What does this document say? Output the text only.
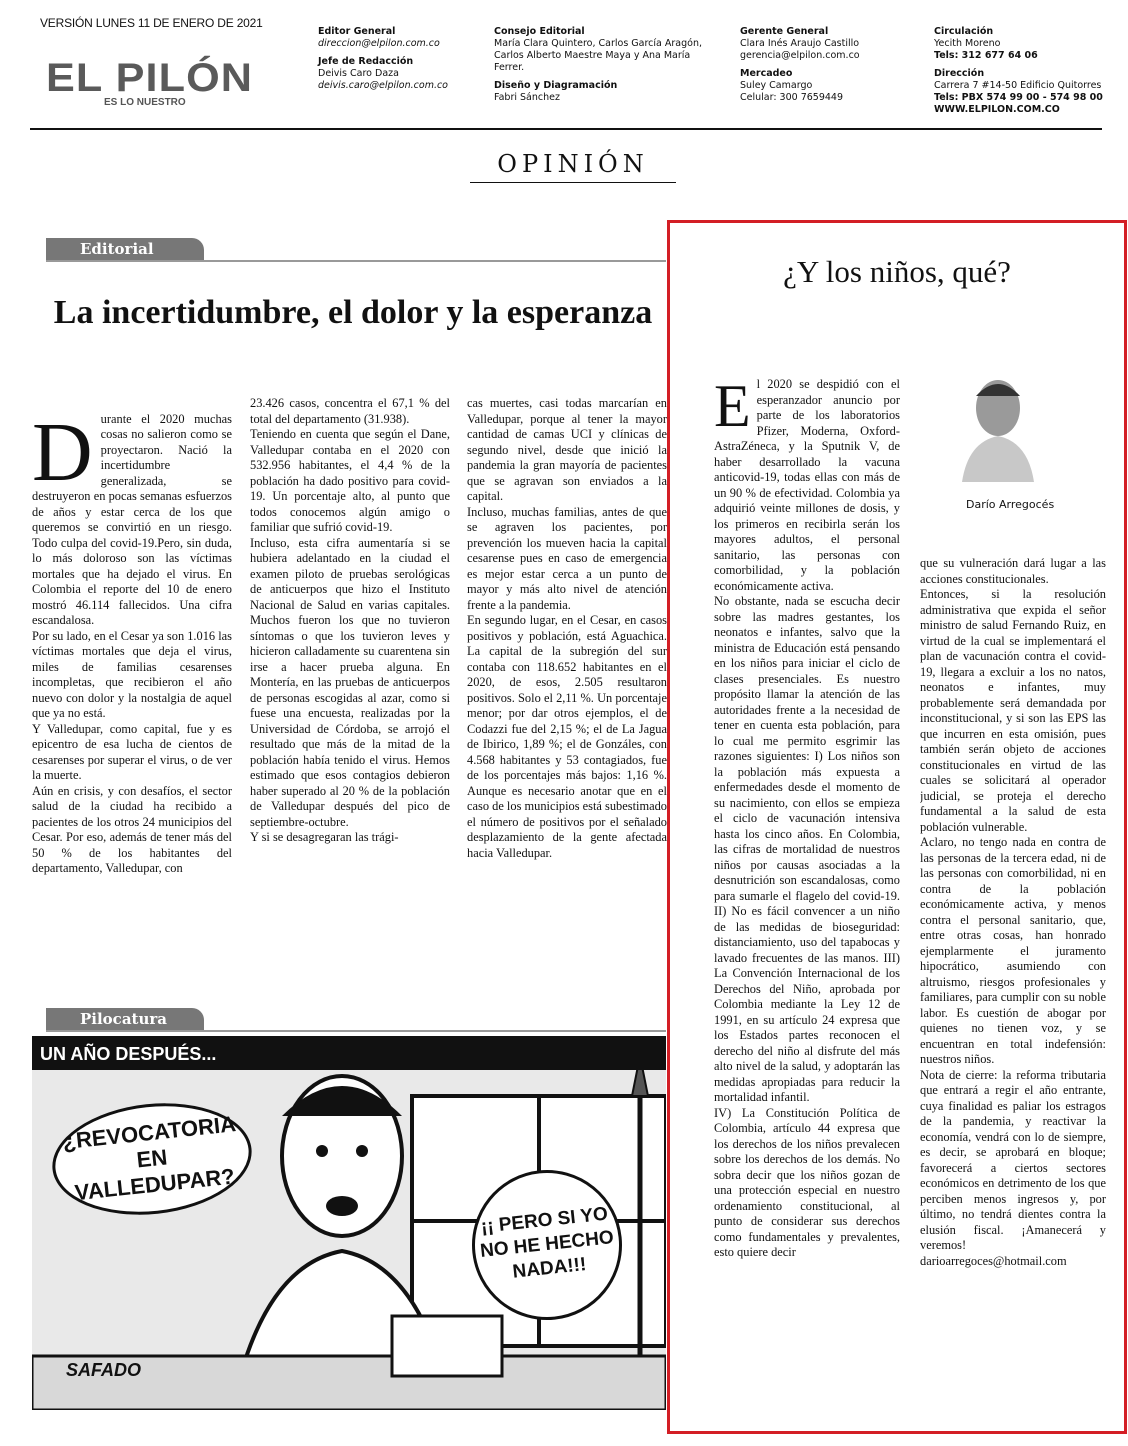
VERSIÓN LUNES 11 DE ENERO DE 2021
EL PILÓN
ES LO NUESTRO
Editor General
direccion@elpilon.com.co
Jefe de Redacción
Deivis Caro Daza
deivis.caro@elpilon.com.co
Consejo Editorial
María Clara Quintero, Carlos García Aragón,
Carlos Alberto Maestre Maya y Ana María
Ferrer.
Diseño y Diagramación
Fabri Sánchez
Gerente General
Clara Inés Araujo Castillo
gerencia@elpilon.com.co
Mercadeo
Suley Camargo
Celular: 300 7659449
Circulación
Yecith Moreno
Tels: 312 677 64 06
Dirección
Carrera 7 #14-50 Edificio Quitorres
Tels: PBX 574 99 00 - 574 98 00
WWW.ELPILON.COM.CO
OPINIÓN
Editorial
La incertidumbre, el dolor y la esperanza

Durante el 2020 muchas cosas no salieron como se proyectaron. Nació la incertidumbre generalizada, se destruyeron en pocas semanas esfuerzos de años y estar cerca de los que queremos se convirtió en un riesgo. Todo culpa del covid-19.Pero, sin duda, lo más doloroso son las víctimas mortales que ha dejado el virus. En Colombia el reporte del 10 de enero mostró 46.114 fallecidos. Una cifra escandalosa.
Por su lado, en el Cesar ya son 1.016 las víctimas mortales que deja el virus, miles de familias cesarenses incompletas, que recibieron el año nuevo con dolor y la nostalgia de aquel que ya no está.
Y Valledupar, como capital, fue y es epicentro de esa lucha de cientos de cesarenses por superar el virus, o de ver la muerte.
Aún en crisis, y con desafíos, el sector salud de la ciudad ha recibido a pacientes de los otros 24 municipios del Cesar. Por eso, además de tener más del 50 % de los habitantes del departamento, Valledupar, con

23.426 casos, concentra el 67,1 % del total del departamento (31.938).
Teniendo en cuenta que según el Dane, Valledupar contaba en el 2020 con 532.956 habitantes, el 4,4 % de la población ha dado positivo para covid-19. Un porcentaje alto, al punto que todos conocemos algún amigo o familiar que sufrió covid-19.
Incluso, esta cifra aumentaría si se hubiera adelantado en la ciudad el examen piloto de pruebas serológicas de anticuerpos que hizo el Instituto Nacional de Salud en varias capitales. Muchos fueron los que no tuvieron síntomas o que los tuvieron leves y hicieron calladamente su cuarentena sin irse a hacer prueba alguna. En Montería, en las pruebas de anticuerpos de personas escogidas al azar, como si fuese una encuesta, realizadas por la Universidad de Córdoba, se arrojó el resultado que más de la mitad de la población había tenido el virus. Hemos estimado que esos contagios debieron haber superado al 20 % de la población de Valledupar después del pico de septiembre-octubre.
Y si se desagregaran las trági-
cas muertes, casi todas marcarían en Valledupar, porque al tener la mayor cantidad de camas UCI y clínicas de segundo nivel, desde que inició la pandemia la gran mayoría de pacientes que se agravan son enviados a la capital.
Incluso, muchas familias, antes de que se agraven los pacientes, por prevención los mueven hacia la capital cesarense pues en caso de emergencia es mejor estar cerca a un punto de mayor y más alto nivel de atención frente a la pandemia.
En segundo lugar, en el Cesar, en casos positivos y población, está Aguachica. La capital de la subregión del sur contaba con 118.652 habitantes en el 2020, de esos, 2.505 resultaron positivos. Solo el 2,11 %. Un porcentaje menor; por dar otros ejemplos, el de Codazzi fue del 2,15 %; el de La Jagua de Ibirico, 1,89 %; el de Gonzáles, con 4.568 habitantes y 53 contagiados, fue de los porcentajes más bajos: 1,16 %. Aunque es necesario anotar que en el caso de los municipios está subestimado el número de positivos por el señalado desplazamiento de la gente afectada hacia Valledupar.
Pilocatura
UN AÑO DESPUÉS...
¿REVOCATORIA EN VALLEDUPAR?
¡¡ PERO SI YO NO HE HECHO NADA!!!
SAFADO
¿Y los niños, qué?
Darío Arregocés

El 2020 se despidió con el esperanzador anuncio por parte de los laboratorios Pfizer, Moderna, Oxford-AstraZéneca, y la Sputnik V, de haber desarrollado la vacuna anticovid-19, todas ellas con más de un 90 % de efectividad. Colombia ya adquirió veinte millones de dosis, y los primeros en recibirla serán los mayores adultos, el personal sanitario, las personas con comorbilidad, y la población económicamente activa.
No obstante, nada se escucha decir sobre las madres gestantes, los neonatos e infantes, salvo que la ministra de Educación está pensando en los niños para iniciar el ciclo de clases presenciales. Es nuestro propósito llamar la atención de las autoridades frente a la necesidad de tener en cuenta esta población, para lo cual me permito esgrimir las razones siguientes: I) Los niños son la población más expuesta a enfermedades desde el momento de su nacimiento, con ellos se empieza el ciclo de vacunación intensiva hasta los cinco años. En Colombia, las cifras de mortalidad de nuestros niños por causas asociadas a la desnutrición son escandalosas, como para sumarle el flagelo del covid-19. II) No es fácil convencer a un niño de las medidas de bioseguridad: distanciamiento, uso del tapabocas y lavado frecuentes de las manos. III) La Convención Internacional de los Derechos del Niño, aprobada por Colombia mediante la Ley 12 de 1991, en su artículo 24 expresa que los Estados partes reconocen el derecho del niño al disfrute del más alto nivel de la salud, y adoptarán las medidas apropiadas para reducir la mortalidad infantil.
IV) La Constitución Política de Colombia, artículo 44 expresa que los derechos de los niños prevalecen sobre los derechos de los demás. No sobra decir que los niños gozan de una protección especial en nuestro ordenamiento constitucional, al punto de considerar sus derechos como fundamentales y prevalentes, esto quiere decir

que su vulneración dará lugar a las acciones constitucionales.
Entonces, si la resolución administrativa que expida el señor ministro de salud Fernando Ruiz, en virtud de la cual se implementará el plan de vacunación contra el covid-19, llegara a excluir a los no natos, neonatos e infantes, muy probablemente será demandada por inconstitucional, y si son las EPS las que incurren en esta omisión, pues también serán objeto de acciones constitucionales en virtud de las cuales se solicitará al operador judicial, se proteja el derecho fundamental a la salud de esta población vulnerable.
Aclaro, no tengo nada en contra de las personas de la tercera edad, ni de las personas con comorbilidad, ni en contra de la población económicamente activa, y menos contra el personal sanitario, que, entre otras cosas, han honrado ejemplarmente el juramento hipocrático, asumiendo con altruismo, riesgos profesionales y familiares, para cumplir con su noble labor. Es cuestión de abogar por quienes no tienen voz, y se encuentran en total indefensión: nuestros niños.
Nota de cierre: la reforma tributaria que entrará a regir el año entrante, cuya finalidad es paliar los estragos de la pandemia, y reactivar la economía, vendrá con lo de siempre, es decir, se aprobará en bloque; favorecerá a ciertos sectores económicos en detrimento de los que perciben menos ingresos y, por último, no tendrá dientes contra la elusión fiscal. ¡Amanecerá y veremos!
darioarregoces@hotmail.com
